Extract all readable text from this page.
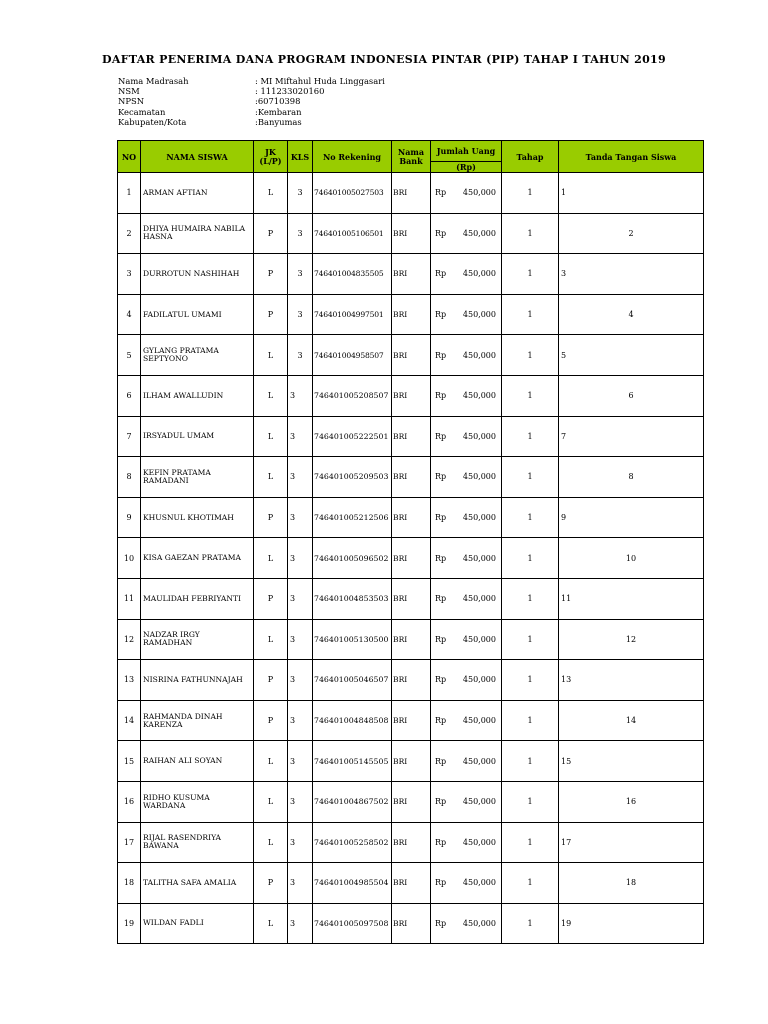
DAFTAR PENERIMA DANA PROGRAM INDONESIA PINTAR (PIP) TAHAP I TAHUN 2019
Nama Madrasah	: MI Miftahul Huda Linggasari
NSM	: 111233020160
NPSN	:60710398
Kecamatan	:Kembaran
Kabupaten/Kota	:Banyumas
NO	NAMA SISWA	JK (L/P)	KLS	No Rekening	Nama Bank	Jumlah Uang	Tahap	Tanda Tangan Siswa
						(Rp)		
1	ARMAN AFTIAN	L	3	746401005027503	BRI	Rp 450,000	1	1
2	DHIYA HUMAIRA NABILA HASNA	P	3	746401005106501	BRI	Rp 450,000	1	2
3	DURROTUN NASHIHAH	P	3	746401004835505	BRI	Rp 450,000	1	3
4	FADILATUL UMAMI	P	3	746401004997501	BRI	Rp 450,000	1	4
5	GYLANG PRATAMA SEPTYONO	L	3	746401004958507	BRI	Rp 450,000	1	5
6	ILHAM AWALLUDIN	L	3	746401005208507	BRI	Rp 450,000	1	6
7	IRSYADUL UMAM	L	3	746401005222501	BRI	Rp 450,000	1	7
8	KEFIN PRATAMA RAMADANI	L	3	746401005209503	BRI	Rp 450,000	1	8
9	KHUSNUL KHOTIMAH	P	3	746401005212506	BRI	Rp 450,000	1	9
10	KISA GAEZAN PRATAMA	L	3	746401005096502	BRI	Rp 450,000	1	10
11	MAULIDAH FEBRIYANTI	P	3	746401004853503	BRI	Rp 450,000	1	11
12	NADZAR IRGY RAMADHAN	L	3	746401005130500	BRI	Rp 450,000	1	12
13	NISRINA FATHUNNAJAH	P	3	746401005046507	BRI	Rp 450,000	1	13
14	RAHMANDA DINAH KARENZA	P	3	746401004848508	BRI	Rp 450,000	1	14
15	RAIHAN ALI SOYAN	L	3	746401005145505	BRI	Rp 450,000	1	15
16	RIDHO KUSUMA WARDANA	L	3	746401004867502	BRI	Rp 450,000	1	16
17	RIJAL RASENDRIYA BAWANA	L	3	746401005258502	BRI	Rp 450,000	1	17
18	TALITHA SAFA AMALIA	P	3	746401004985504	BRI	Rp 450,000	1	18
19	WILDAN FADLI	L	3	746401005097508	BRI	Rp 450,000	1	19
